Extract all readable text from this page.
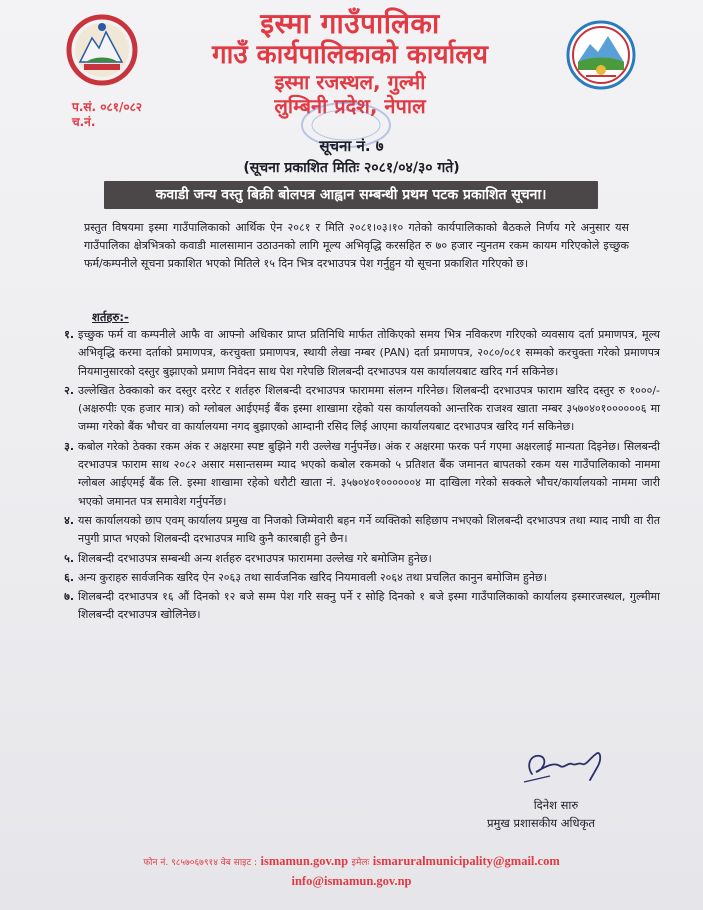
इस्मा गाउँपालिका
गाउँ कार्यपालिकाको कार्यालय
इस्मा रजस्थल, गुल्मी
लुम्बिनी प्रदेश, नेपाल
प.सं. ०८१/०८२
च.नं.
सूचना नं. ७
(सूचना प्रकाशित मितिः २०८१/०४/३० गते)
कवाडी जन्य वस्तु बिक्री बोलपत्र आह्वान सम्बन्धी प्रथम पटक प्रकाशित सूचना।
प्रस्तुत विषयमा इस्मा गाउँपालिकाको आर्थिक ऐन २०८१ र मिति २०८१।०३।१० गतेको कार्यपालिकाको बैठकले निर्णय गरे अनुसार यस गाउँपालिका क्षेत्रभित्रको कवाडी मालसामान उठाउनको लागि मूल्य अभिवृद्धि करसहित रु ७० हजार न्युनतम रकम कायम गरिएकोले इच्छुक फर्म/कम्पनीले सूचना प्रकाशित भएको मितिले १५ दिन भित्र दरभाउपत्र पेश गर्नुहुन यो सूचना प्रकाशित गरिएको छ।
शर्तहरु:-
१. इच्छुक फर्म वा कम्पनीले आफै वा आफ्नो अधिकार प्राप्त प्रतिनिधि मार्फत तोकिएको समय भित्र नविकरण गरिएको व्यवसाय दर्ता प्रमाणपत्र, मूल्य अभिवृद्धि करमा दर्ताको प्रमाणपत्र, करचुक्ता प्रमाणपत्र, स्थायी लेखा नम्बर (PAN) दर्ता प्रमाणपत्र, २०८०/०८१ सम्मको करचुक्ता गरेको प्रमाणपत्र नियमानुसारको दस्तुर बुझाएको प्रमाण निवेदन साथ पेश गरेपछि शिलबन्दी दरभाउपत्र यस कार्यालयबाट खरिद गर्न सकिनेछ।
२. उल्लेखित ठेक्काको कर दस्तुर दररेट र शर्तहरु शिलबन्दी दरभाउपत्र फाराममा संलग्न गरिनेछ। शिलबन्दी दरभाउपत्र फाराम खरिद दस्तुर रु १०००/- (अक्षरुपीः एक हजार मात्र) को ग्लोबल आईएमई बैंक इस्मा शाखामा रहेको यस कार्यालयको आन्तरिक राजश्व खाता नम्बर ३५७०४०१००००००६ मा जम्मा गरेको बैंक भौचर वा कार्यालयमा नगद बुझाएको आम्दानी रसिद लिई आएमा कार्यालयबाट दरभाउपत्र खरिद गर्न सकिनेछ।
३. कबोल गरेको ठेक्का रकम अंक र अक्षरमा स्पष्ट बुझिने गरी उल्लेख गर्नुपर्नेछ। अंक र अक्षरमा फरक पर्न गएमा अक्षरलाई मान्यता दिइनेछ। सिलबन्दी दरभाउपत्र फाराम साथ २०८२ असार मसान्तसम्म म्याद भएको कबोल रकमको ५ प्रतिशत बैंक जमानत बापतको रकम यस गाउँपालिकाको नाममा ग्लोबल आईएमई बैंक लि. इस्मा शाखामा रहेको धरौटी खाता नं. ३५७०४०१००००००४ मा दाखिला गरेको सक्कले भौचर/कार्यालयको नाममा जारी भएको जमानत पत्र समावेश गर्नुपर्नेछ।
४. यस कार्यालयको छाप एवम् कार्यालय प्रमुख वा निजको जिम्मेवारी बहन गर्ने व्यक्तिको सहिछाप नभएको शिलबन्दी दरभाउपत्र तथा म्याद नाघी वा रीत नपुगी प्राप्त भएको शिलबन्दी दरभाउपत्र माथि कुनै कारबाही हुने छैन।
५. शिलबन्दी दरभाउपत्र सम्बन्धी अन्य शर्तहरु दरभाउपत्र फाराममा उल्लेख गरे बमोजिम हुनेछ।
६. अन्य कुराहरु सार्वजनिक खरिद ऐन २०६३ तथा सार्वजनिक खरिद नियमावली २०६४ तथा प्रचलित कानुन बमोजिम हुनेछ।
७. शिलबन्दी दरभाउपत्र १६ औं दिनको १२ बजे सम्म पेश गरि सक्नु पर्ने र सोहि दिनको १ बजे इस्मा गाउँपालिकाको कार्यालय इस्मारजस्थल, गुल्मीमा शिलबन्दी दरभाउपत्र खोलिनेछ।
दिनेश सारु
प्रमुख प्रशासकीय अधिकृत
फोन नं. ९८५७०६७९१४ वेब साइट : ismamun.gov.np इमेलः ismaruralmunicipality@gmail.com
info@ismamun.gov.np
